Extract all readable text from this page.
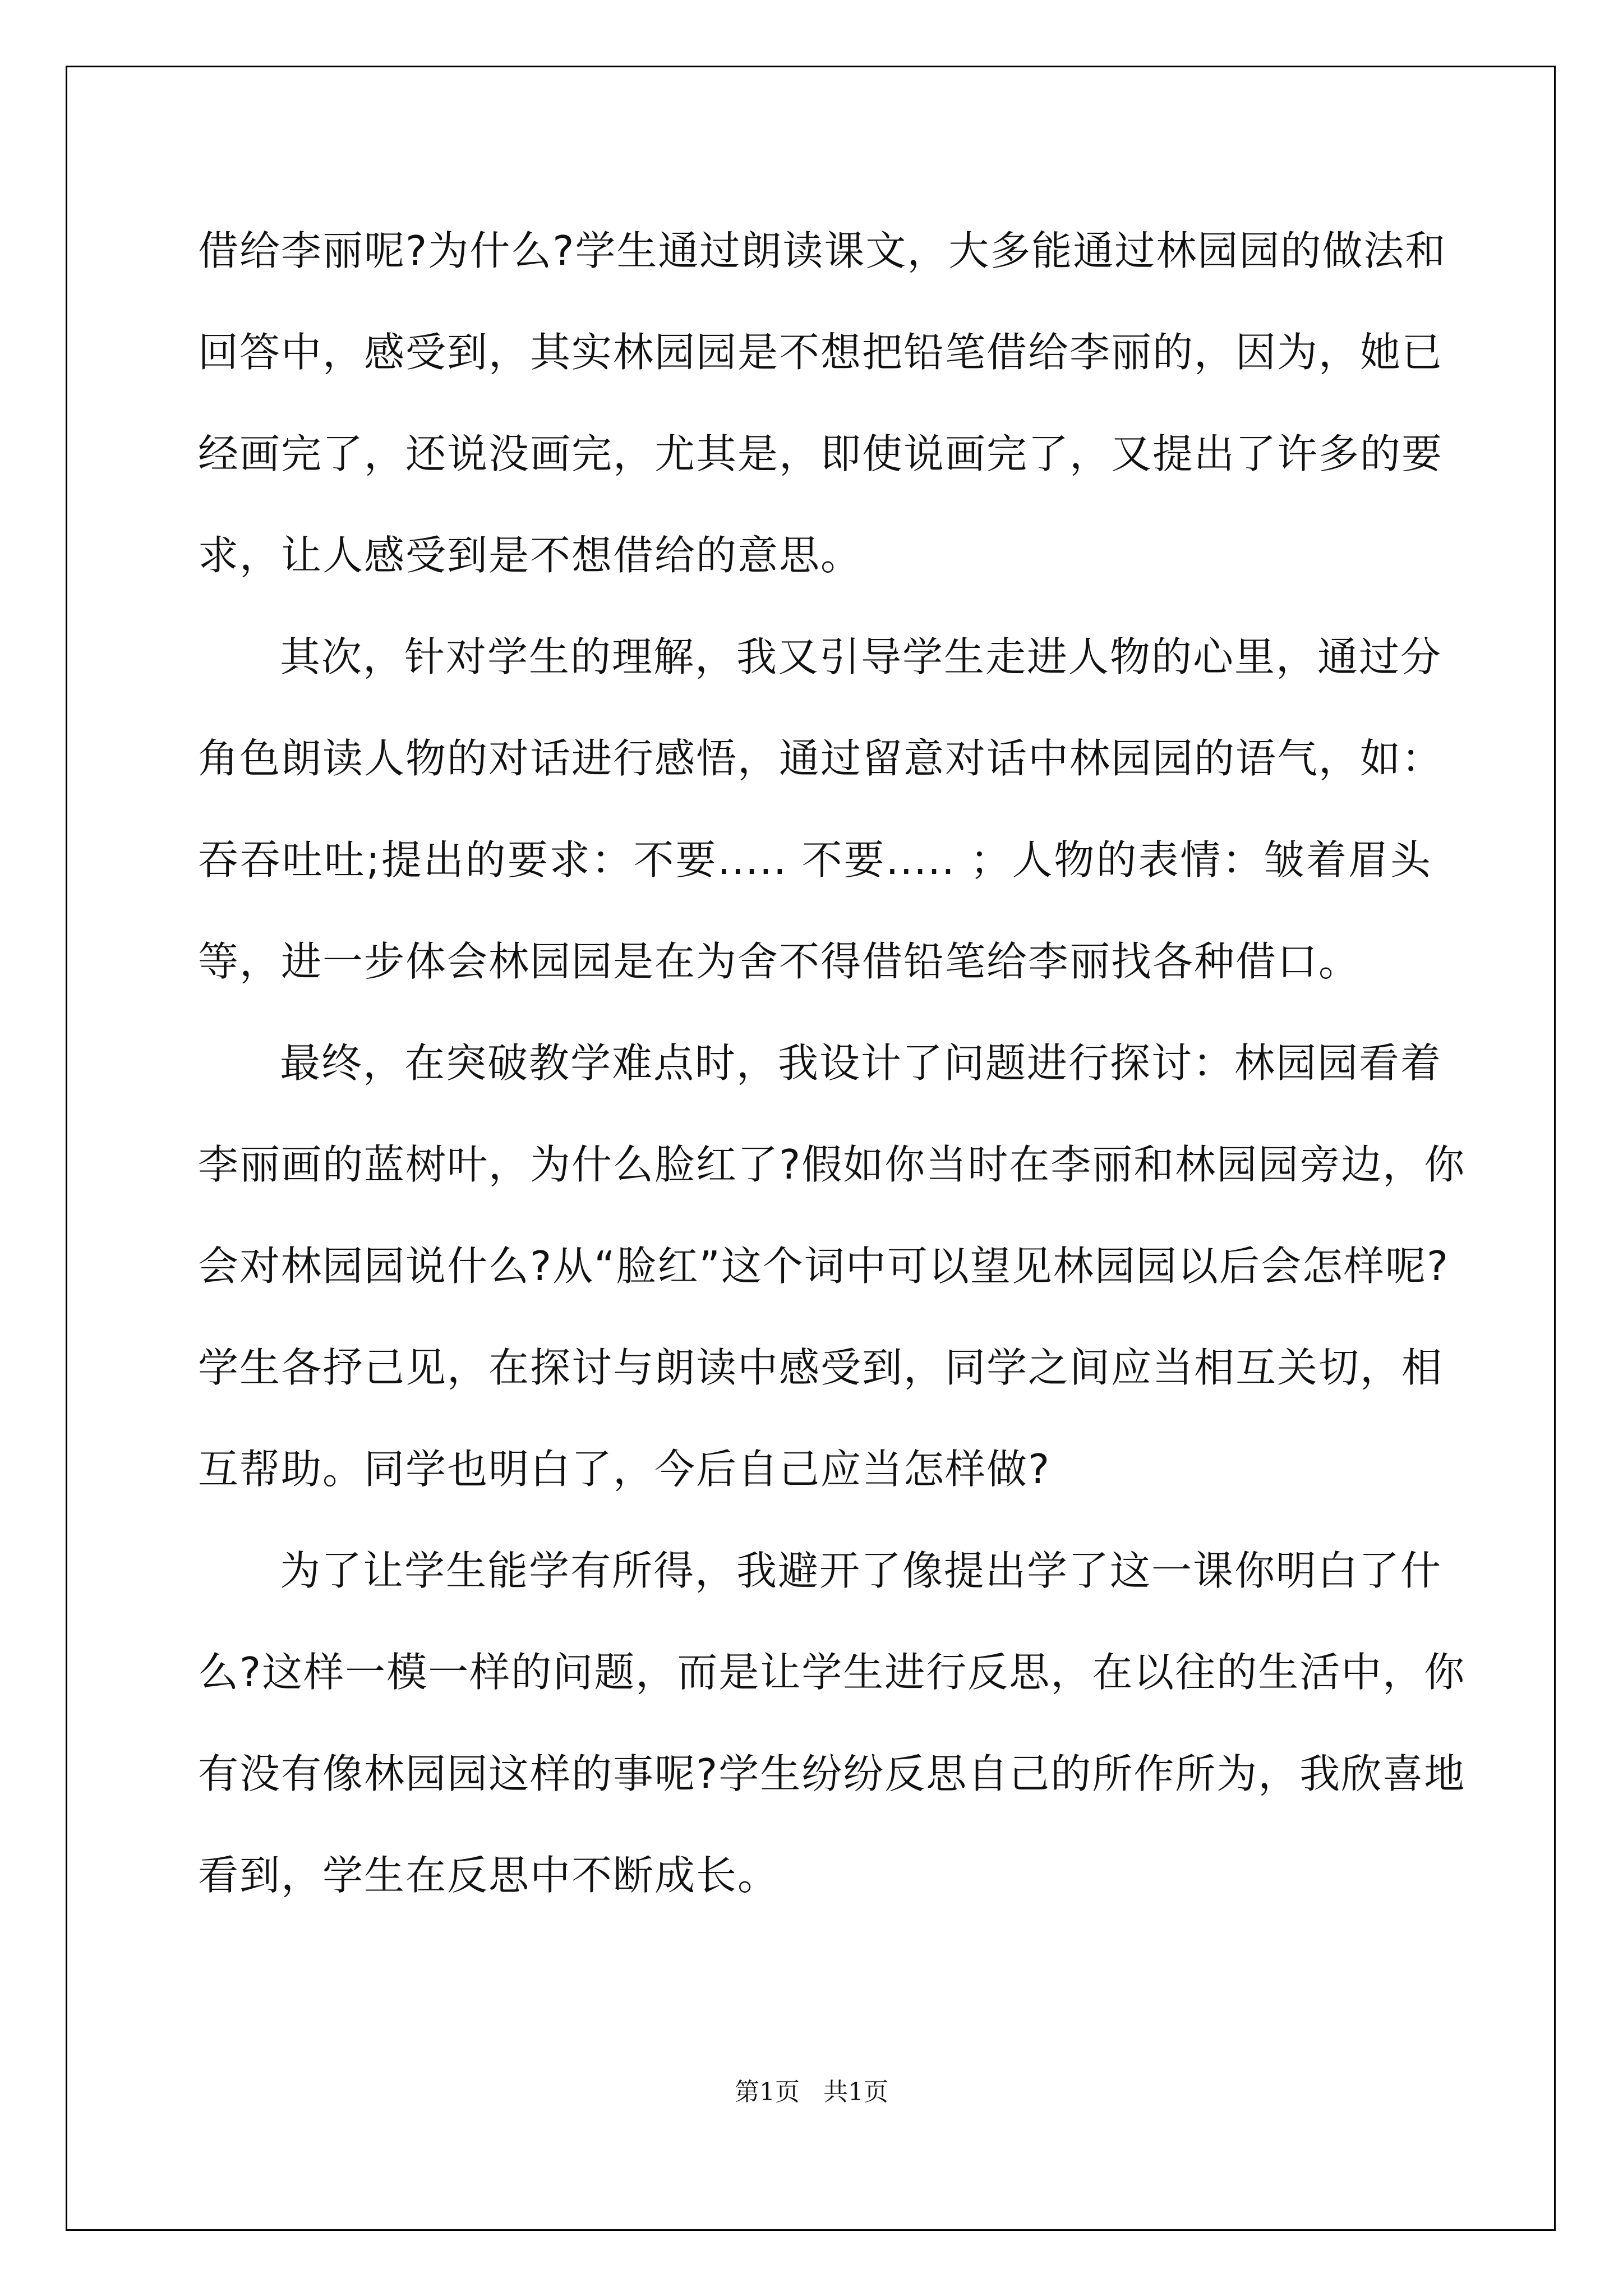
借给李丽呢?为什么?学生通过朗读课文，大多能通过林园园的做法和
回答中，感受到，其实林园园是不想把铅笔借给李丽的，因为，她已
经画完了，还说没画完，尤其是，即使说画完了，又提出了许多的要
求，让人感受到是不想借给的意思。

其次，针对学生的理解，我又引导学生走进人物的心里，通过分
角色朗读人物的对话进行感悟，通过留意对话中林园园的语气，如：
吞吞吐吐;提出的要求：不要..... 不要..... ；人物的表情：皱着眉头
等，进一步体会林园园是在为舍不得借铅笔给李丽找各种借口。

最终，在突破教学难点时，我设计了问题进行探讨：林园园看着
李丽画的蓝树叶，为什么脸红了?假如你当时在李丽和林园园旁边，你
会对林园园说什么?从“脸红”这个词中可以望见林园园以后会怎样呢?
学生各抒己见，在探讨与朗读中感受到，同学之间应当相互关切，相
互帮助。同学也明白了，今后自己应当怎样做?

为了让学生能学有所得，我避开了像提出学了这一课你明白了什
么?这样一模一样的问题，而是让学生进行反思，在以往的生活中，你
有没有像林园园这样的事呢?学生纷纷反思自己的所作所为，我欣喜地
看到，学生在反思中不断成长。

第1页 共1页
